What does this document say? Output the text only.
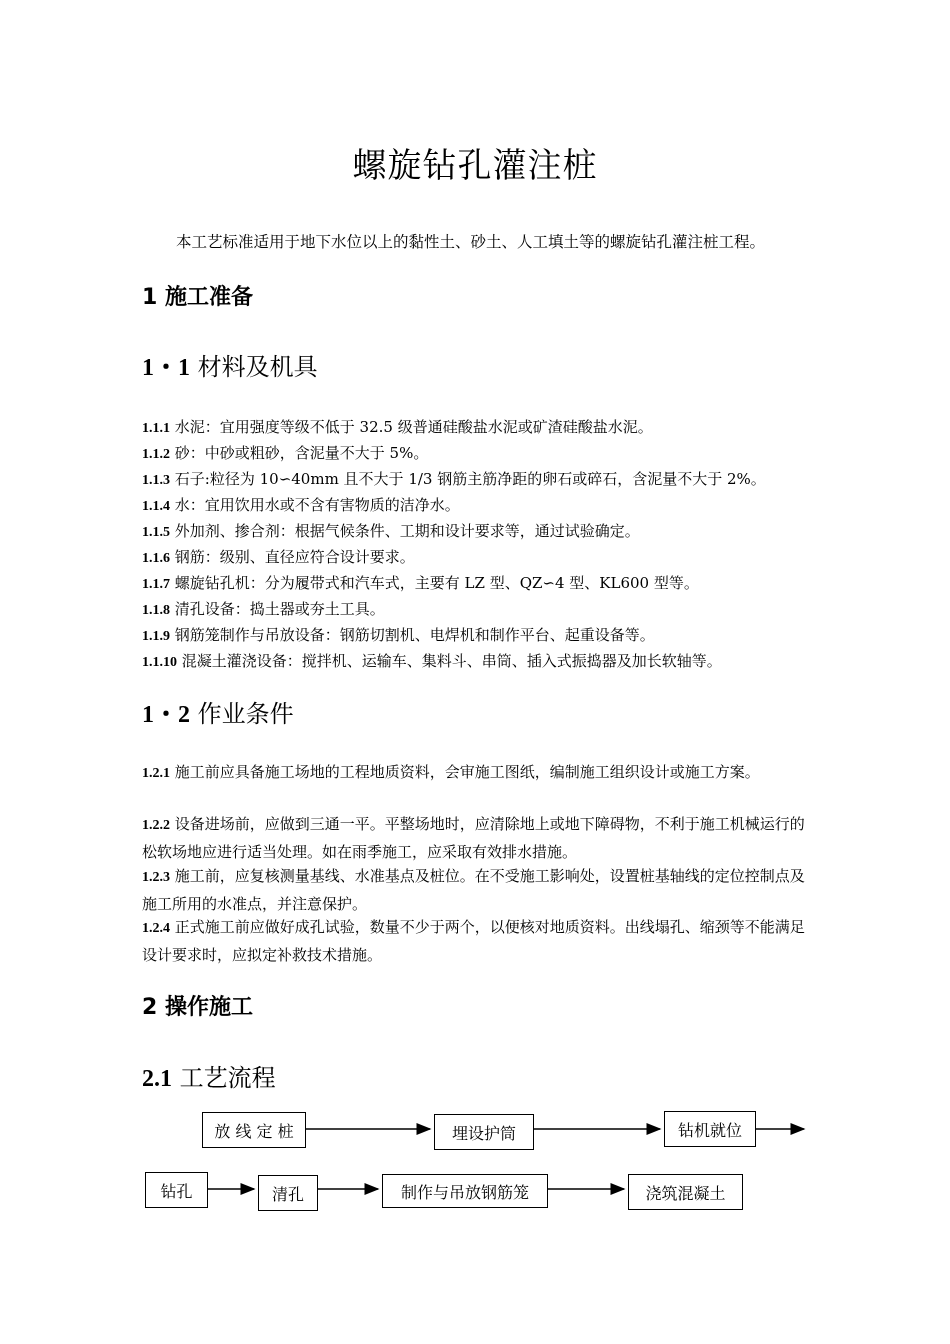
螺旋钻孔灌注桩
本工艺标准适用于地下水位以上的黏性土、砂土、人工填土等的螺旋钻孔灌注桩工程。
1 施工准备
1・1 材料及机具
1.1.1 水泥：宜用强度等级不低于 32.5 级普通硅酸盐水泥或矿渣硅酸盐水泥。
1.1.2 砂：中砂或粗砂，含泥量不大于 5%。
1.1.3 石子:粒径为 10∽40mm 且不大于 1/3 钢筋主筋净距的卵石或碎石，含泥量不大于 2%。
1.1.4 水：宜用饮用水或不含有害物质的洁净水。
1.1.5 外加剂、掺合剂：根据气候条件、工期和设计要求等，通过试验确定。
1.1.6 钢筋：级别、直径应符合设计要求。
1.1.7 螺旋钻孔机：分为履带式和汽车式，主要有 LZ 型、QZ∽4 型、KL600 型等。
1.1.8 清孔设备：捣土器或夯土工具。
1.1.9 钢筋笼制作与吊放设备：钢筋切割机、电焊机和制作平台、起重设备等。
1.1.10 混凝土灌浇设备：搅拌机、运输车、集料斗、串筒、插入式振捣器及加长软轴等。
1・2 作业条件
1.2.1 施工前应具备施工场地的工程地质资料，会审施工图纸，编制施工组织设计或施工方案。
1.2.2 设备进场前，应做到三通一平。平整场地时，应清除地上或地下障碍物，不利于施工机械运行的松软场地应进行适当处理。如在雨季施工，应采取有效排水措施。
1.2.3 施工前，应复核测量基线、水准基点及桩位。在不受施工影响处，设置桩基轴线的定位控制点及施工所用的水准点，并注意保护。
1.2.4 正式施工前应做好成孔试验，数量不少于两个，以便核对地质资料。出线塌孔、缩颈等不能满足设计要求时，应拟定补救技术措施。
2 操作施工
2.1 工艺流程
放 线 定 桩	埋设护筒	钻机就位
钻孔	清孔	制作与吊放钢筋笼	浇筑混凝土
